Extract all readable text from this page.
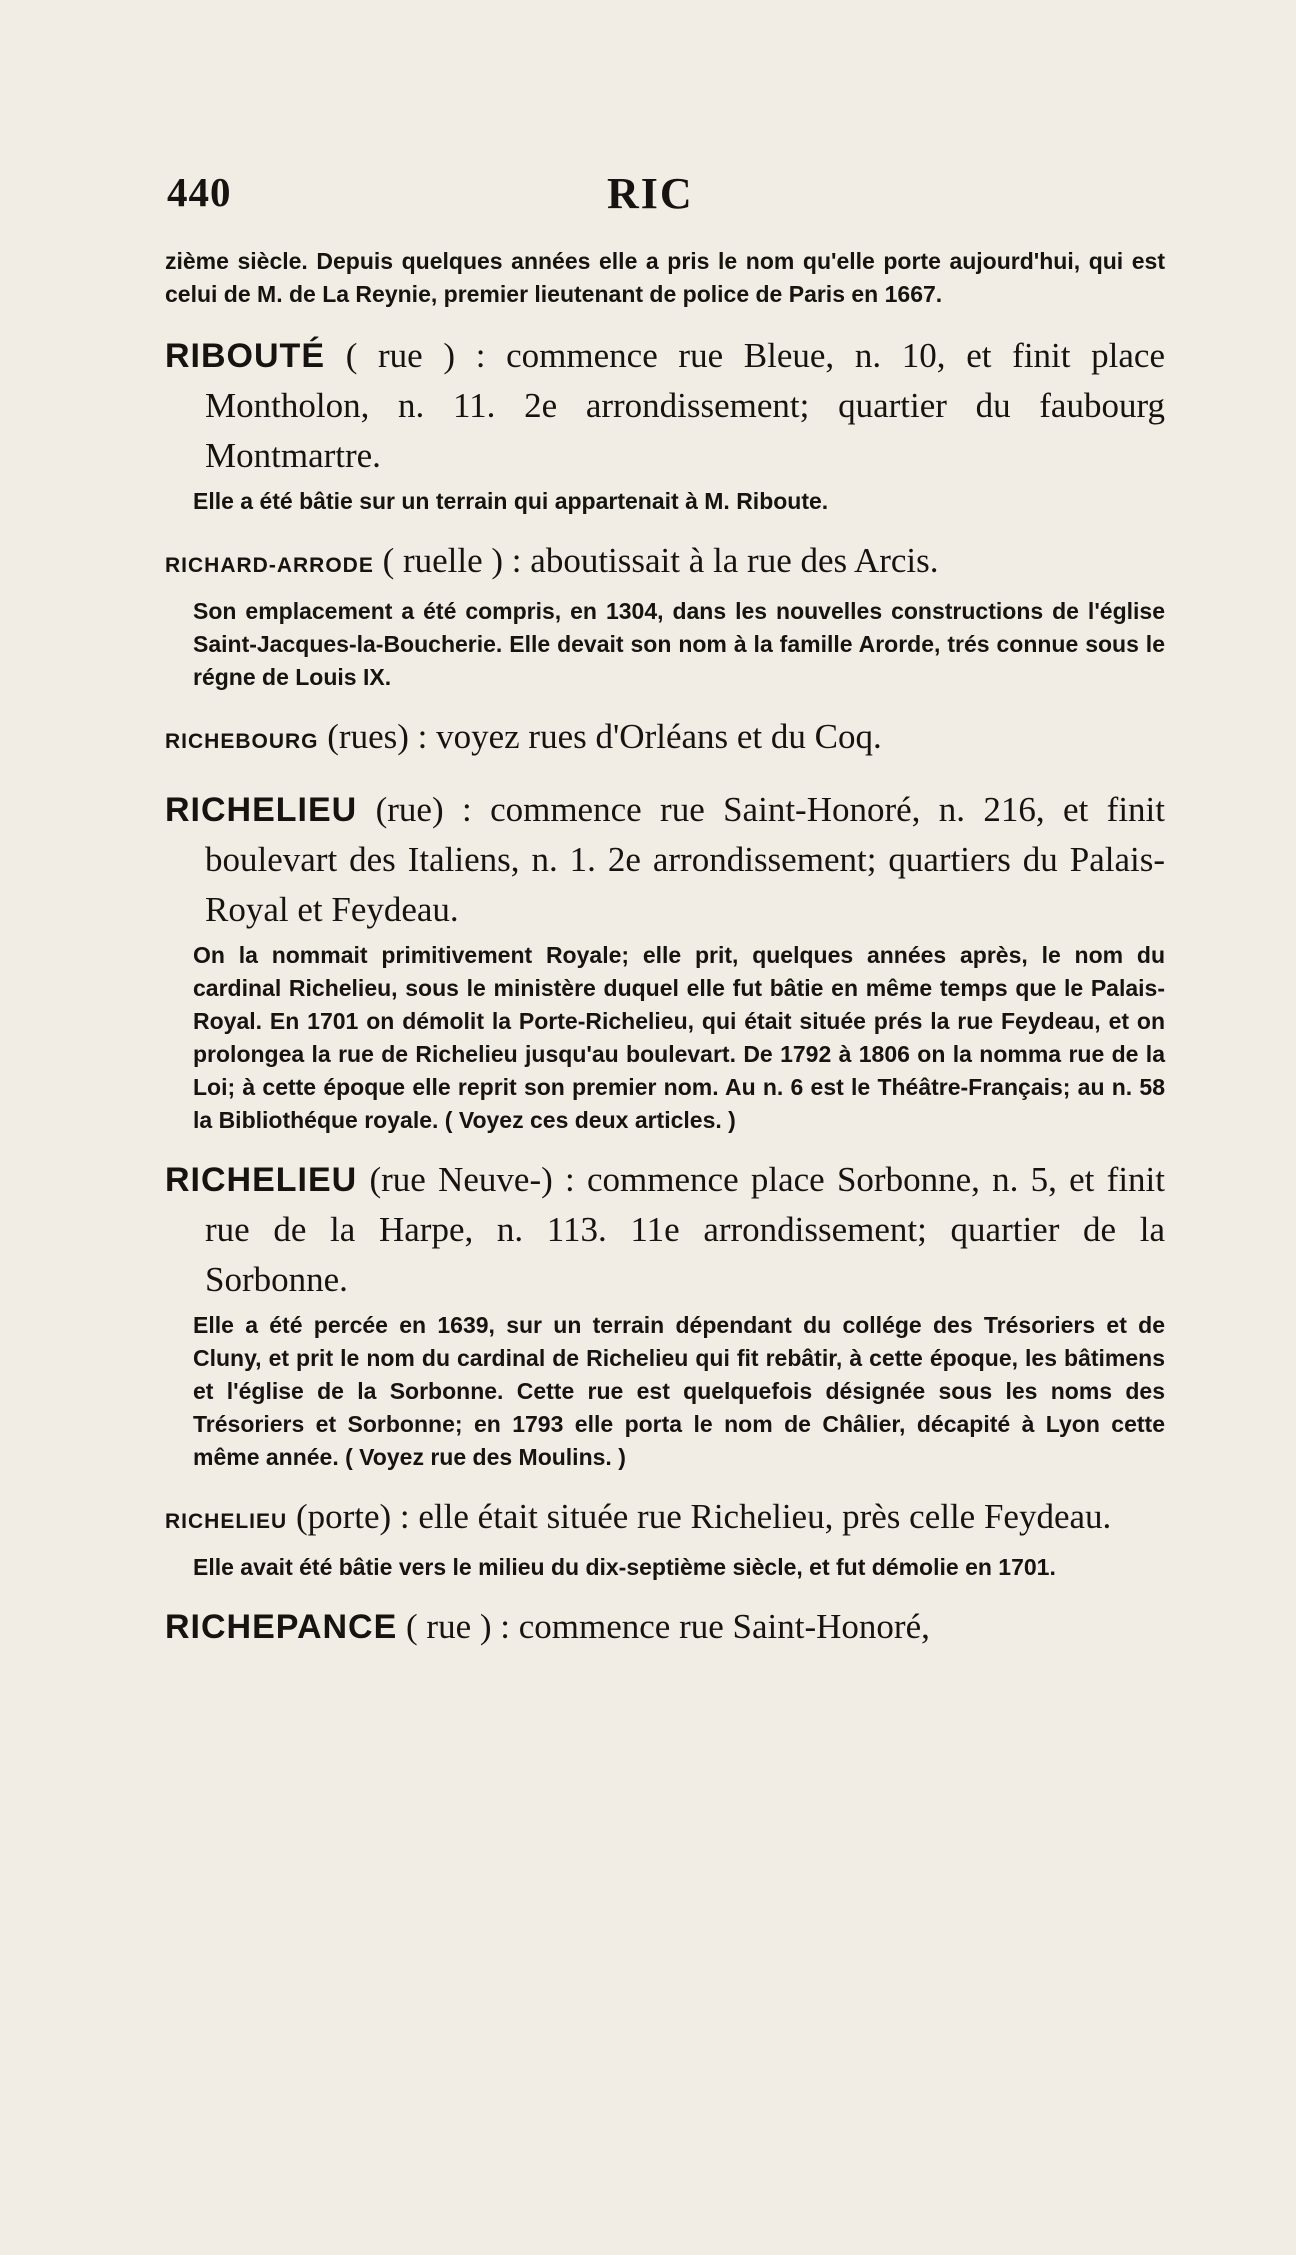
440	RIC

zième siècle. Depuis quelques années elle a pris le nom qu'elle porte aujourd'hui, qui est celui de M. de La Reynie, premier lieutenant de police de Paris en 1667.

RIBOUTÉ ( rue ) : commence rue Bleue, n. 10, et finit place Montholon, n. 11. 2e arrondissement; quartier du faubourg Montmartre.

Elle a été bâtie sur un terrain qui appartenait à M. Riboute.

RICHARD-ARRODE ( ruelle ) : aboutissait à la rue des Arcis.

Son emplacement a été compris, en 1304, dans les nouvelles constructions de l'église Saint-Jacques-la-Boucherie. Elle devait son nom à la famille Arorde, trés connue sous le régne de Louis IX.

RICHEBOURG (rues) : voyez rues d'Orléans et du Coq.

RICHELIEU (rue) : commence rue Saint-Honoré, n. 216, et finit boulevart des Italiens, n. 1. 2e arrondissement; quartiers du Palais-Royal et Feydeau.

On la nommait primitivement Royale; elle prit, quelques années après, le nom du cardinal Richelieu, sous le ministère duquel elle fut bâtie en même temps que le Palais-Royal. En 1701 on démolit la Porte-Richelieu, qui était située prés la rue Feydeau, et on prolongea la rue de Richelieu jusqu'au boulevart. De 1792 à 1806 on la nomma rue de la Loi; à cette époque elle reprit son premier nom. Au n. 6 est le Théâtre-Français; au n. 58 la Bibliothéque royale. ( Voyez ces deux articles. )

RICHELIEU (rue Neuve-) : commence place Sorbonne, n. 5, et finit rue de la Harpe, n. 113. 11e arrondissement; quartier de la Sorbonne.

Elle a été percée en 1639, sur un terrain dépendant du collége des Trésoriers et de Cluny, et prit le nom du cardinal de Richelieu qui fit rebâtir, à cette époque, les bâtimens et l'église de la Sorbonne. Cette rue est quelquefois désignée sous les noms des Trésoriers et Sorbonne; en 1793 elle porta le nom de Châlier, décapité à Lyon cette même année. ( Voyez rue des Moulins. )

RICHELIEU (porte) : elle était située rue Richelieu, près celle Feydeau.

Elle avait été bâtie vers le milieu du dix-septième siècle, et fut démolie en 1701.

RICHEPANCE ( rue ) : commence rue Saint-Honoré,
